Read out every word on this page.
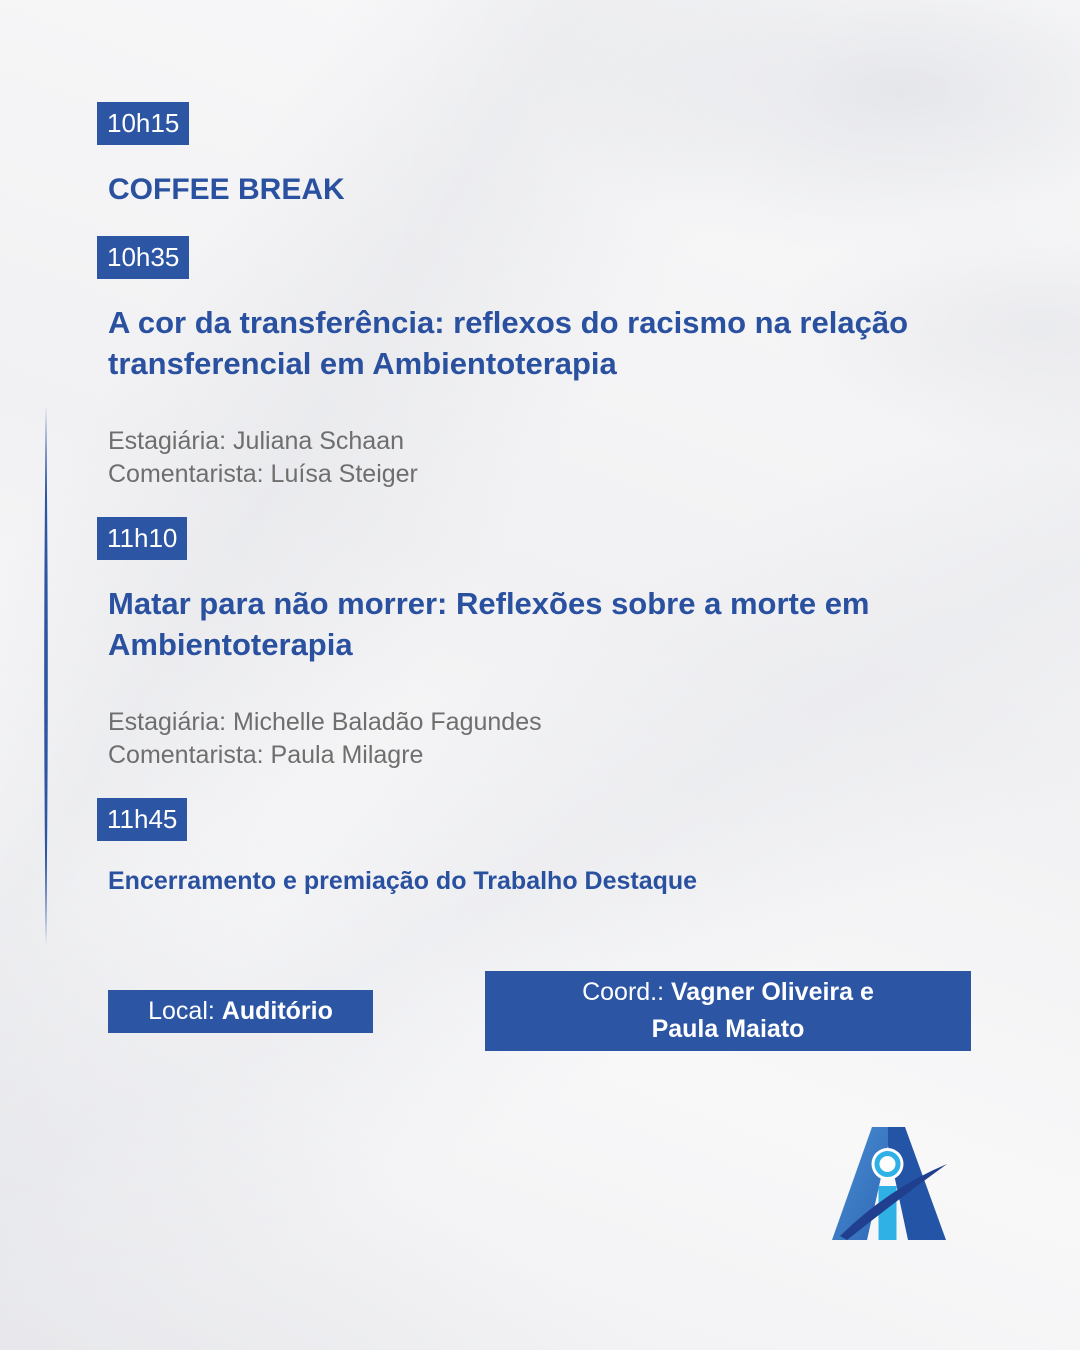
10h15
COFFEE BREAK
10h35
A cor da transferência: reflexos do racismo na relação
transferencial em Ambientoterapia
Estagiária: Juliana Schaan
Comentarista: Luísa Steiger
11h10
Matar para não morrer: Reflexões sobre a morte em
Ambientoterapia
Estagiária: Michelle Baladão Fagundes
Comentarista: Paula Milagre
11h45
Encerramento e premiação do Trabalho Destaque
Local: Auditório
Coord.: Vagner Oliveira e
Paula Maiato
